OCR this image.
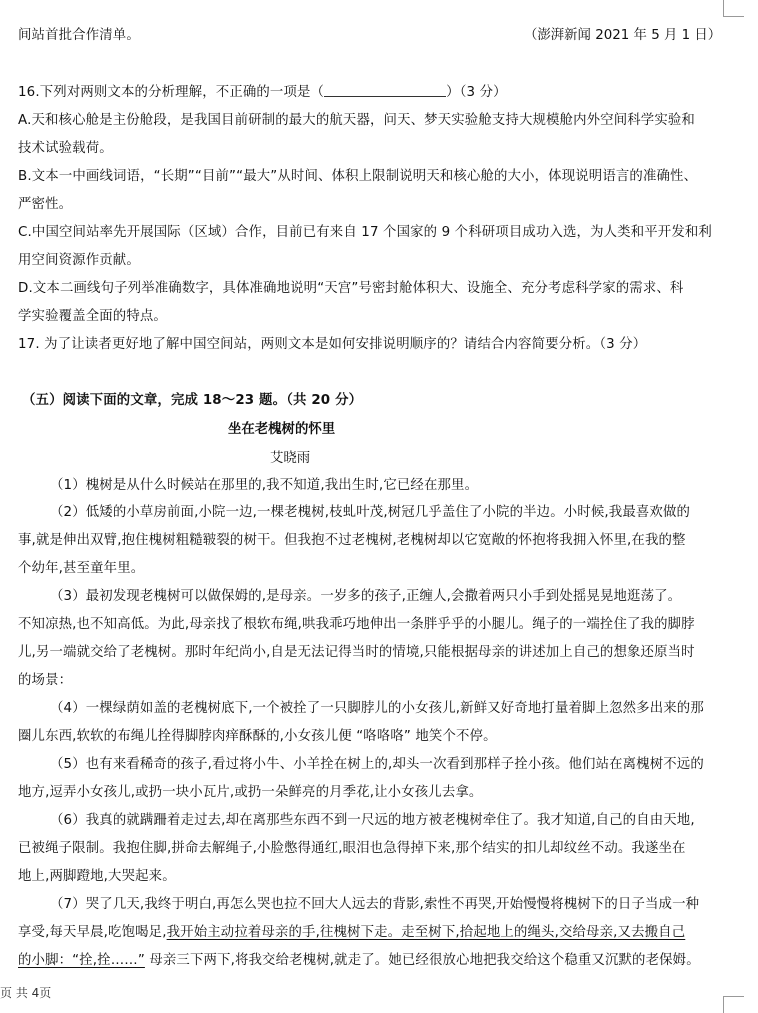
间站首批合作清单。	（澎湃新闻 2021 年 5 月 1 日）
16.下列对两则文本的分析理解，不正确的一项是（	）（3 分）
A.天和核心舱是主份舱段，是我国目前研制的最大的航天器，问天、梦天实验舱支持大规模舱内外空间科学实验和
技术试验载荷。
B.文本一中画线词语，“长期”“目前”“最大”从时间、体积上限制说明天和核心舱的大小，体现说明语言的准确性、
严密性。
C.中国空间站率先开展国际（区域）合作，目前已有来自 17 个国家的 9 个科研项目成功入选，为人类和平开发和利
用空间资源作贡献。
D.文本二画线句子列举准确数字，具体准确地说明“天宫”号密封舱体积大、设施全、充分考虑科学家的需求、科
学实验覆盖全面的特点。
17. 为了让读者更好地了解中国空间站，两则文本是如何安排说明顺序的？请结合内容简要分析。（3 分）
（五）阅读下面的文章，完成 18～23 题。（共 20 分）
坐在老槐树的怀里
艾晓雨
（1）槐树是从什么时候站在那里的,我不知道,我出生时,它已经在那里。
（2）低矮的小草房前面,小院一边,一棵老槐树,枝虬叶茂,树冠几乎盖住了小院的半边。小时候,我最喜欢做的
事,就是伸出双臂,抱住槐树粗糙皲裂的树干。但我抱不过老槐树,老槐树却以它宽敞的怀抱将我拥入怀里,在我的整
个幼年,甚至童年里。
（3）最初发现老槐树可以做保姆的,是母亲。一岁多的孩子,正缠人,会撒着两只小手到处摇晃晃地逛荡了。
不知凉热,也不知高低。为此,母亲找了根软布绳,哄我乖巧地伸出一条胖乎乎的小腿儿。绳子的一端拴住了我的脚脖
儿,另一端就交给了老槐树。那时年纪尚小,自是无法记得当时的情境,只能根据母亲的讲述加上自己的想象还原当时
的场景：
（4）一棵绿荫如盖的老槐树底下,一个被拴了一只脚脖儿的小女孩儿,新鲜又好奇地打量着脚上忽然多出来的那
圈儿东西,软软的布绳儿拴得脚脖肉痒酥酥的,小女孩儿便 “咯咯咯” 地笑个不停。
（5）也有来看稀奇的孩子,看过将小牛、小羊拴在树上的,却头一次看到那样子拴小孩。他们站在离槐树不远的
地方,逗弄小女孩儿,或扔一块小瓦片,或扔一朵鲜亮的月季花,让小女孩儿去拿。
（6）我真的就蹒跚着走过去,却在离那些东西不到一尺远的地方被老槐树牵住了。我才知道,自己的自由天地,
已被绳子限制。我抱住脚,拼命去解绳子,小脸憋得通红,眼泪也急得掉下来,那个结实的扣儿却纹丝不动。我遂坐在
地上,两脚蹬地,大哭起来。
（7）哭了几天,我终于明白,再怎么哭也拉不回大人远去的背影,索性不再哭,开始慢慢将槐树下的日子当成一种
享受,每天早晨,吃饱喝足,我开始主动拉着母亲的手,往槐树下走。走至树下,拾起地上的绳头,交给母亲,又去搬自己
的小脚：“拴,拴……” 母亲三下两下,将我交给老槐树,就走了。她已经很放心地把我交给这个稳重又沉默的老保姆。
页 共 4页
